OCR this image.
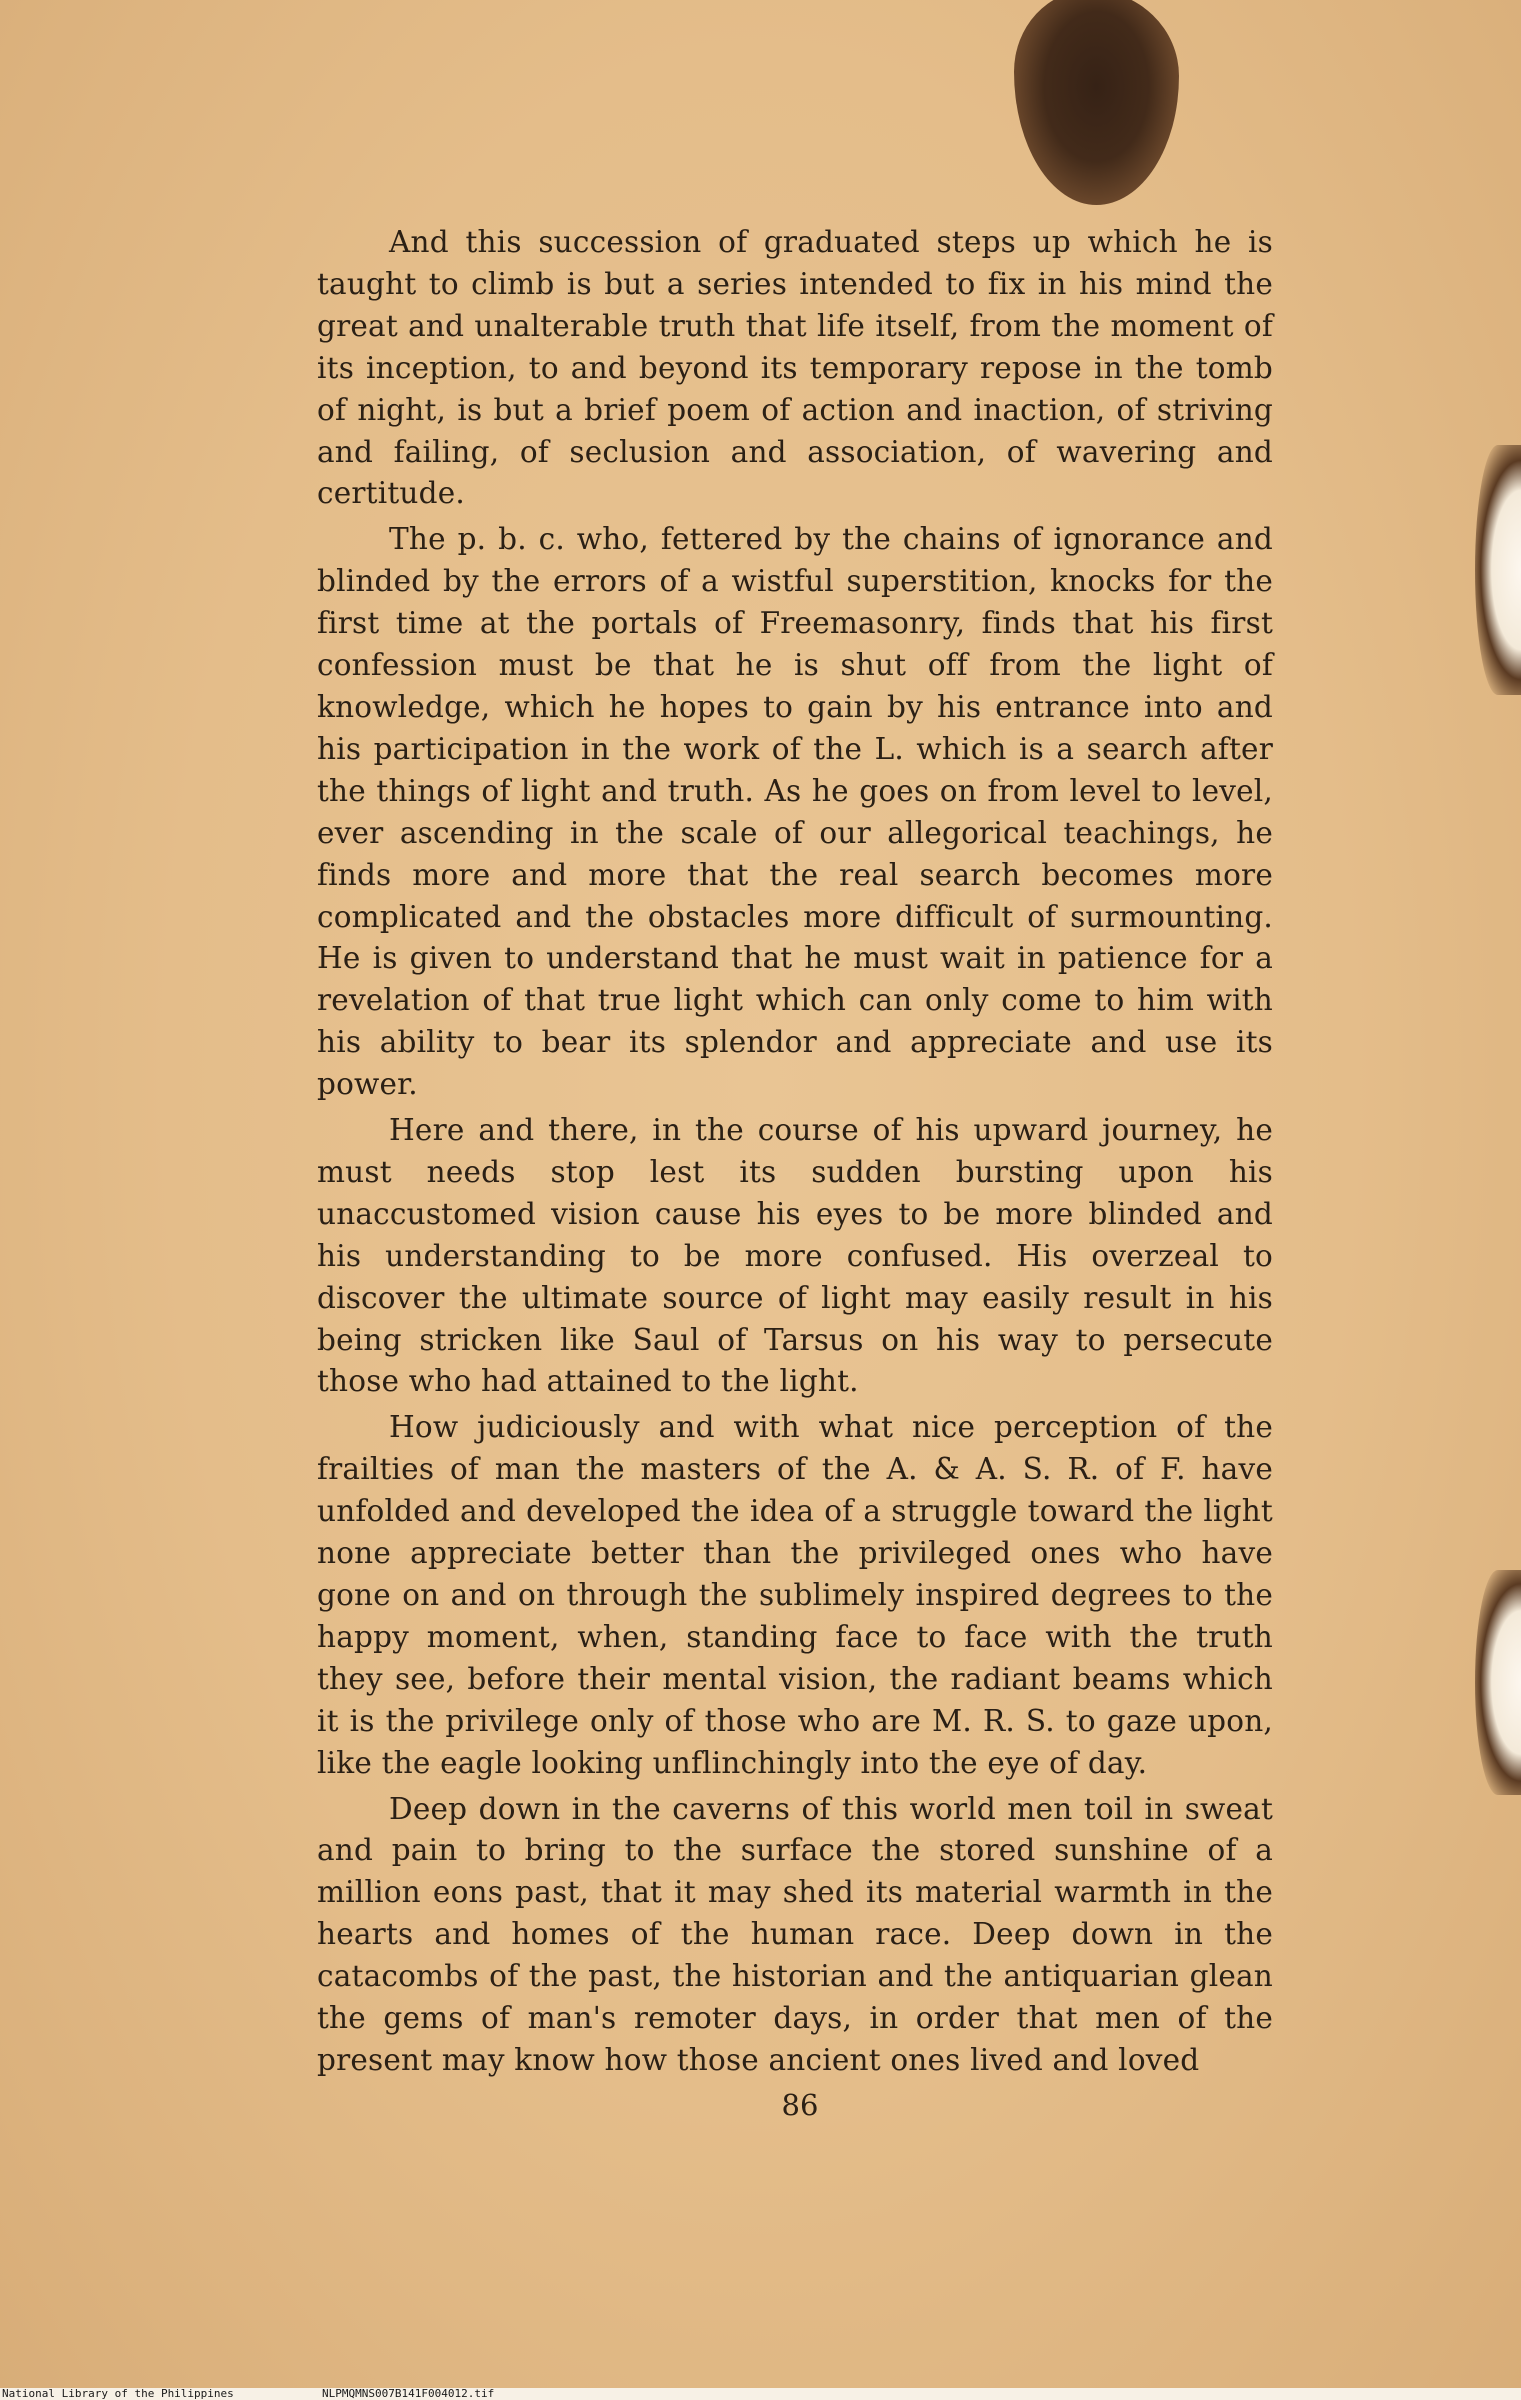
And this succession of graduated steps up which he is taught to climb is but a series intended to fix in his mind the great and unalterable truth that life itself, from the moment of its inception, to and beyond its temporary repose in the tomb of night, is but a brief poem of action and inaction, of striving and failing, of seclusion and association, of wavering and certitude.

The p. b. c. who, fettered by the chains of ignorance and blinded by the errors of a wistful superstition, knocks for the first time at the portals of Freemasonry, finds that his first confession must be that he is shut off from the light of knowledge, which he hopes to gain by his entrance into and his participation in the work of the L. which is a search after the things of light and truth. As he goes on from level to level, ever ascending in the scale of our allegorical teachings, he finds more and more that the real search becomes more complicated and the obstacles more difficult of surmounting. He is given to understand that he must wait in patience for a revelation of that true light which can only come to him with his ability to bear its splendor and appreciate and use its power.

Here and there, in the course of his upward journey, he must needs stop lest its sudden bursting upon his unaccustomed vision cause his eyes to be more blinded and his understanding to be more confused. His overzeal to discover the ultimate source of light may easily result in his being stricken like Saul of Tarsus on his way to persecute those who had attained to the light.

How judiciously and with what nice perception of the frailties of man the masters of the A. & A. S. R. of F. have unfolded and developed the idea of a struggle toward the light none appreciate better than the privileged ones who have gone on and on through the sublimely inspired degrees to the happy moment, when, standing face to face with the truth they see, before their mental vision, the radiant beams which it is the privilege only of those who are M. R. S. to gaze upon, like the eagle looking unflinchingly into the eye of day.

Deep down in the caverns of this world men toil in sweat and pain to bring to the surface the stored sunshine of a million eons past, that it may shed its material warmth in the hearts and homes of the human race. Deep down in the catacombs of the past, the historian and the antiquarian glean the gems of man's remoter days, in order that men of the present may know how those ancient ones lived and loved

86
National Library of the Philippines	NLPMQMNS007B141F004012.tif
